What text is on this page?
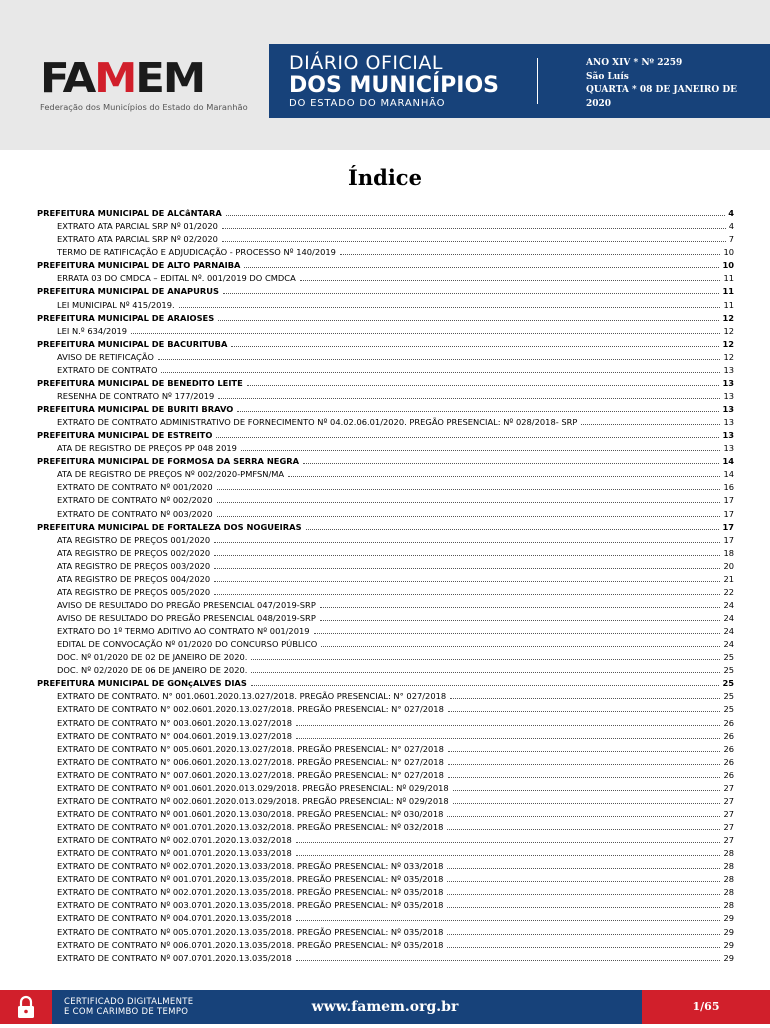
FAMEM
Federação dos Municípios do Estado do Maranhão
DIÁRIO OFICIAL
DOS MUNICÍPIOS
DO ESTADO DO MARANHÃO
ANO XIV * Nº 2259
São Luís
QUARTA * 08 DE JANEIRO DE
2020
Índice
PREFEITURA MUNICIPAL DE ALCâNTARA	4
EXTRATO ATA PARCIAL SRP Nº 01/2020	4
EXTRATO ATA PARCIAL SRP Nº 02/2020	7
TERMO DE RATIFICAÇÃO E ADJUDICAÇÃO - PROCESSO Nº 140/2019	10
PREFEITURA MUNICIPAL DE ALTO PARNAIBA	10
ERRATA 03 DO CMDCA – EDITAL Nº. 001/2019 DO CMDCA	11
PREFEITURA MUNICIPAL DE ANAPURUS	11
LEI MUNICIPAL Nº 415/2019.	11
PREFEITURA MUNICIPAL DE ARAIOSES	12
LEI N.º 634/2019	12
PREFEITURA MUNICIPAL DE BACURITUBA	12
AVISO DE RETIFICAÇÃO	12
EXTRATO DE CONTRATO	13
PREFEITURA MUNICIPAL DE BENEDITO LEITE	13
RESENHA DE CONTRATO Nº 177/2019	13
PREFEITURA MUNICIPAL DE BURITI BRAVO	13
EXTRATO DE CONTRATO ADMINISTRATIVO DE FORNECIMENTO Nº 04.02.06.01/2020. PREGÃO PRESENCIAL: Nº 028/2018- SRP	13
PREFEITURA MUNICIPAL DE ESTREITO	13
ATA DE REGISTRO DE PREÇOS PP 048 2019	13
PREFEITURA MUNICIPAL DE FORMOSA DA SERRA NEGRA	14
ATA DE REGISTRO DE PREÇOS Nº 002/2020-PMFSN/MA	14
EXTRATO DE CONTRATO Nº 001/2020	16
EXTRATO DE CONTRATO Nº 002/2020	17
EXTRATO DE CONTRATO Nº 003/2020	17
PREFEITURA MUNICIPAL DE FORTALEZA DOS NOGUEIRAS	17
ATA REGISTRO DE PREÇOS 001/2020	17
ATA REGISTRO DE PREÇOS 002/2020	18
ATA REGISTRO DE PREÇOS 003/2020	20
ATA REGISTRO DE PREÇOS 004/2020	21
ATA REGISTRO DE PREÇOS 005/2020	22
AVISO DE RESULTADO DO PREGÃO PRESENCIAL 047/2019-SRP	24
AVISO DE RESULTADO DO PREGÃO PRESENCIAL 048/2019-SRP	24
EXTRATO DO 1º TERMO ADITIVO AO CONTRATO Nº 001/2019	24
EDITAL DE CONVOCAÇÃO Nº 01/2020 DO CONCURSO PÚBLICO	24
DOC. Nº 01/2020 DE 02 DE JANEIRO DE 2020.	25
DOC. Nº 02/2020 DE 06 DE JANEIRO DE 2020.	25
PREFEITURA MUNICIPAL DE GONçALVES DIAS	25
EXTRATO DE CONTRATO. N° 001.0601.2020.13.027/2018. PREGÃO PRESENCIAL: N° 027/2018	25
EXTRATO DE CONTRATO N° 002.0601.2020.13.027/2018. PREGÃO PRESENCIAL: N° 027/2018	25
EXTRATO DE CONTRATO N° 003.0601.2020.13.027/2018	26
EXTRATO DE CONTRATO N° 004.0601.2019.13.027/2018	26
EXTRATO DE CONTRATO N° 005.0601.2020.13.027/2018. PREGÃO PRESENCIAL: N° 027/2018	26
EXTRATO DE CONTRATO N° 006.0601.2020.13.027/2018. PREGÃO PRESENCIAL: N° 027/2018	26
EXTRATO DE CONTRATO N° 007.0601.2020.13.027/2018. PREGÃO PRESENCIAL: N° 027/2018	26
EXTRATO DE CONTRATO Nº 001.0601.2020.013.029/2018. PREGÃO PRESENCIAL: Nº 029/2018	27
EXTRATO DE CONTRATO Nº 002.0601.2020.013.029/2018. PREGÃO PRESENCIAL: Nº 029/2018	27
EXTRATO DE CONTRATO Nº 001.0601.2020.13.030/2018. PREGÃO PRESENCIAL: Nº 030/2018	27
EXTRATO DE CONTRATO Nº 001.0701.2020.13.032/2018. PREGÃO PRESENCIAL: Nº 032/2018	27
EXTRATO DE CONTRATO Nº 002.0701.2020.13.032/2018	27
EXTRATO DE CONTRATO Nº 001.0701.2020.13.033/2018	28
EXTRATO DE CONTRATO Nº 002.0701.2020.13.033/2018. PREGÃO PRESENCIAL: Nº 033/2018	28
EXTRATO DE CONTRATO Nº 001.0701.2020.13.035/2018. PREGÃO PRESENCIAL: Nº 035/2018	28
EXTRATO DE CONTRATO Nº 002.0701.2020.13.035/2018. PREGÃO PRESENCIAL: Nº 035/2018	28
EXTRATO DE CONTRATO Nº 003.0701.2020.13.035/2018. PREGÃO PRESENCIAL: Nº 035/2018	28
EXTRATO DE CONTRATO Nº 004.0701.2020.13.035/2018	29
EXTRATO DE CONTRATO Nº 005.0701.2020.13.035/2018. PREGÃO PRESENCIAL: Nº 035/2018	29
EXTRATO DE CONTRATO Nº 006.0701.2020.13.035/2018. PREGÃO PRESENCIAL: Nº 035/2018	29
EXTRATO DE CONTRATO Nº 007.0701.2020.13.035/2018	29
CERTIFICADO DIGITALMENTE
E COM CARIMBO DE TEMPO	www.famem.org.br	1/65
